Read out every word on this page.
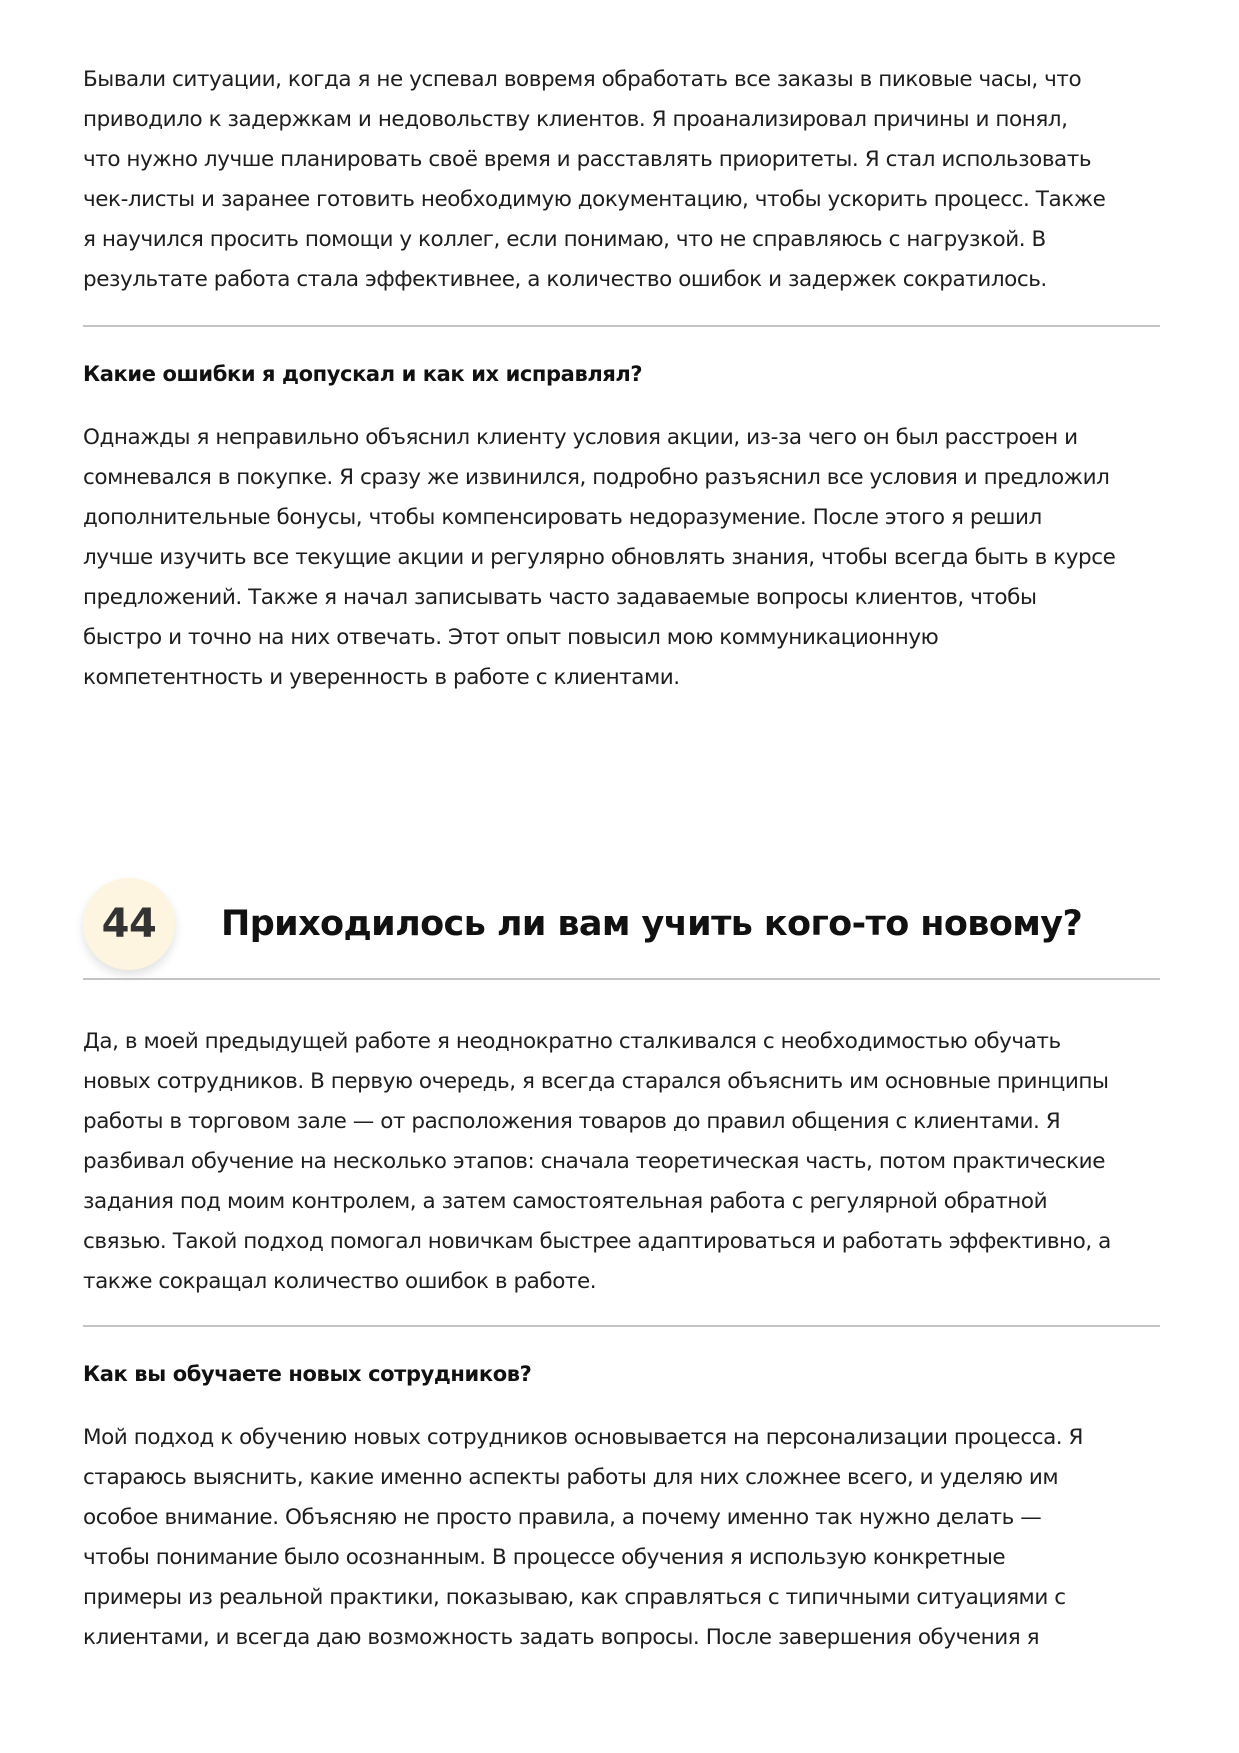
Бывали ситуации, когда я не успевал вовремя обработать все заказы в пиковые часы, что
приводило к задержкам и недовольству клиентов. Я проанализировал причины и понял,
что нужно лучше планировать своё время и расставлять приоритеты. Я стал использовать
чек-листы и заранее готовить необходимую документацию, чтобы ускорить процесс. Также
я научился просить помощи у коллег, если понимаю, что не справляюсь с нагрузкой. В
результате работа стала эффективнее, а количество ошибок и задержек сократилось.

Какие ошибки я допускал и как их исправлял?

Однажды я неправильно объяснил клиенту условия акции, из-за чего он был расстроен и
сомневался в покупке. Я сразу же извинился, подробно разъяснил все условия и предложил
дополнительные бонусы, чтобы компенсировать недоразумение. После этого я решил
лучше изучить все текущие акции и регулярно обновлять знания, чтобы всегда быть в курсе
предложений. Также я начал записывать часто задаваемые вопросы клиентов, чтобы
быстро и точно на них отвечать. Этот опыт повысил мою коммуникационную
компетентность и уверенность в работе с клиентами.

44	Приходилось ли вам учить кого-то новому?

Да, в моей предыдущей работе я неоднократно сталкивался с необходимостью обучать
новых сотрудников. В первую очередь, я всегда старался объяснить им основные принципы
работы в торговом зале — от расположения товаров до правил общения с клиентами. Я
разбивал обучение на несколько этапов: сначала теоретическая часть, потом практические
задания под моим контролем, а затем самостоятельная работа с регулярной обратной
связью. Такой подход помогал новичкам быстрее адаптироваться и работать эффективно, а
также сокращал количество ошибок в работе.

Как вы обучаете новых сотрудников?

Мой подход к обучению новых сотрудников основывается на персонализации процесса. Я
стараюсь выяснить, какие именно аспекты работы для них сложнее всего, и уделяю им
особое внимание. Объясняю не просто правила, а почему именно так нужно делать —
чтобы понимание было осознанным. В процессе обучения я использую конкретные
примеры из реальной практики, показываю, как справляться с типичными ситуациями с
клиентами, и всегда даю возможность задать вопросы. После завершения обучения я
